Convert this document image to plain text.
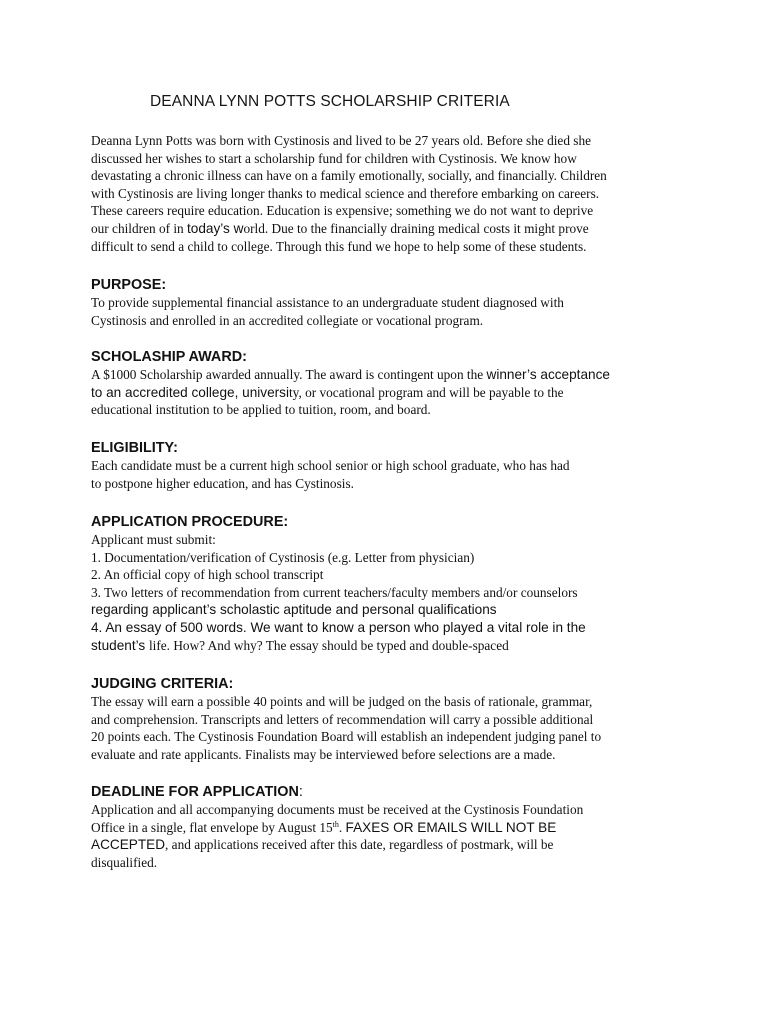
DEANNA LYNN POTTS SCHOLARSHIP CRITERIA
Deanna Lynn Potts was born with Cystinosis and lived to be 27 years old. Before she died she
discussed her wishes to start a scholarship fund for children with Cystinosis. We know how
devastating a chronic illness can have on a family emotionally, socially, and financially. Children
with Cystinosis are living longer thanks to medical science and therefore embarking on careers.
These careers require education. Education is expensive; something we do not want to deprive
our children of in today’s world. Due to the financially draining medical costs it might prove
difficult to send a child to college. Through this fund we hope to help some of these students.
PURPOSE:
To provide supplemental financial assistance to an undergraduate student diagnosed with
Cystinosis and enrolled in an accredited collegiate or vocational program.
SCHOLASHIP AWARD:
A $1000 Scholarship awarded annually. The award is contingent upon the winner’s acceptance
to an accredited college, university, or vocational program and will be payable to the
educational institution to be applied to tuition, room, and board.
ELIGIBILITY:
Each candidate must be a current high school senior or high school graduate, who has had
to postpone higher education, and has Cystinosis.
APPLICATION PROCEDURE:
Applicant must submit:
1. Documentation/verification of Cystinosis (e.g. Letter from physician)
2. An official copy of high school transcript
3. Two letters of recommendation from current teachers/faculty members and/or counselors
regarding applicant’s scholastic aptitude and personal qualifications
4. An essay of 500 words. We want to know a person who played a vital role in the
student’s life. How? And why? The essay should be typed and double-spaced
JUDGING CRITERIA:
The essay will earn a possible 40 points and will be judged on the basis of rationale, grammar,
and comprehension. Transcripts and letters of recommendation will carry a possible additional
20 points each. The Cystinosis Foundation Board will establish an independent judging panel to
evaluate and rate applicants. Finalists may be interviewed before selections are a made.
DEADLINE FOR APPLICATION:
Application and all accompanying documents must be received at the Cystinosis Foundation
Office in a single, flat envelope by August 15th. FAXES OR EMAILS WILL NOT BE
ACCEPTED, and applications received after this date, regardless of postmark, will be
disqualified.
